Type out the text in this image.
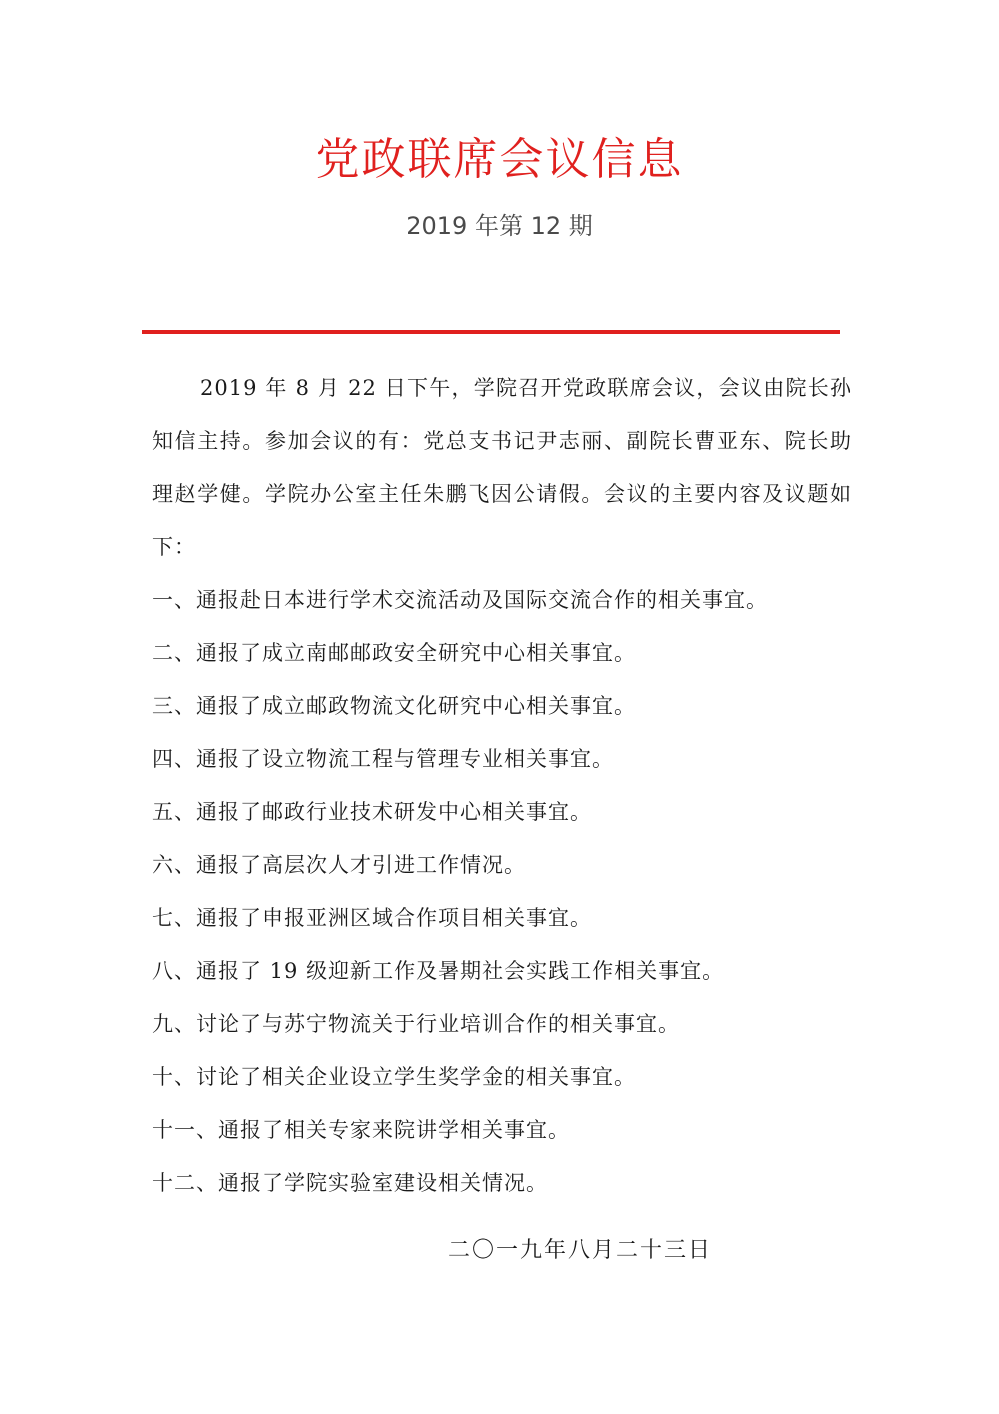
党政联席会议信息
2019 年第 12 期

2019 年 8 月 22 日下午，学院召开党政联席会议，会议由院长孙知信主持。参加会议的有：党总支书记尹志丽、副院长曹亚东、院长助理赵学健。学院办公室主任朱鹏飞因公请假。会议的主要内容及议题如下：

一、通报赴日本进行学术交流活动及国际交流合作的相关事宜。

二、通报了成立南邮邮政安全研究中心相关事宜。

三、通报了成立邮政物流文化研究中心相关事宜。

四、通报了设立物流工程与管理专业相关事宜。

五、通报了邮政行业技术研发中心相关事宜。

六、通报了高层次人才引进工作情况。

七、通报了申报亚洲区域合作项目相关事宜。

八、通报了 19 级迎新工作及暑期社会实践工作相关事宜。

九、讨论了与苏宁物流关于行业培训合作的相关事宜。

十、讨论了相关企业设立学生奖学金的相关事宜。

十一、通报了相关专家来院讲学相关事宜。

十二、通报了学院实验室建设相关情况。

二〇一九年八月二十三日
